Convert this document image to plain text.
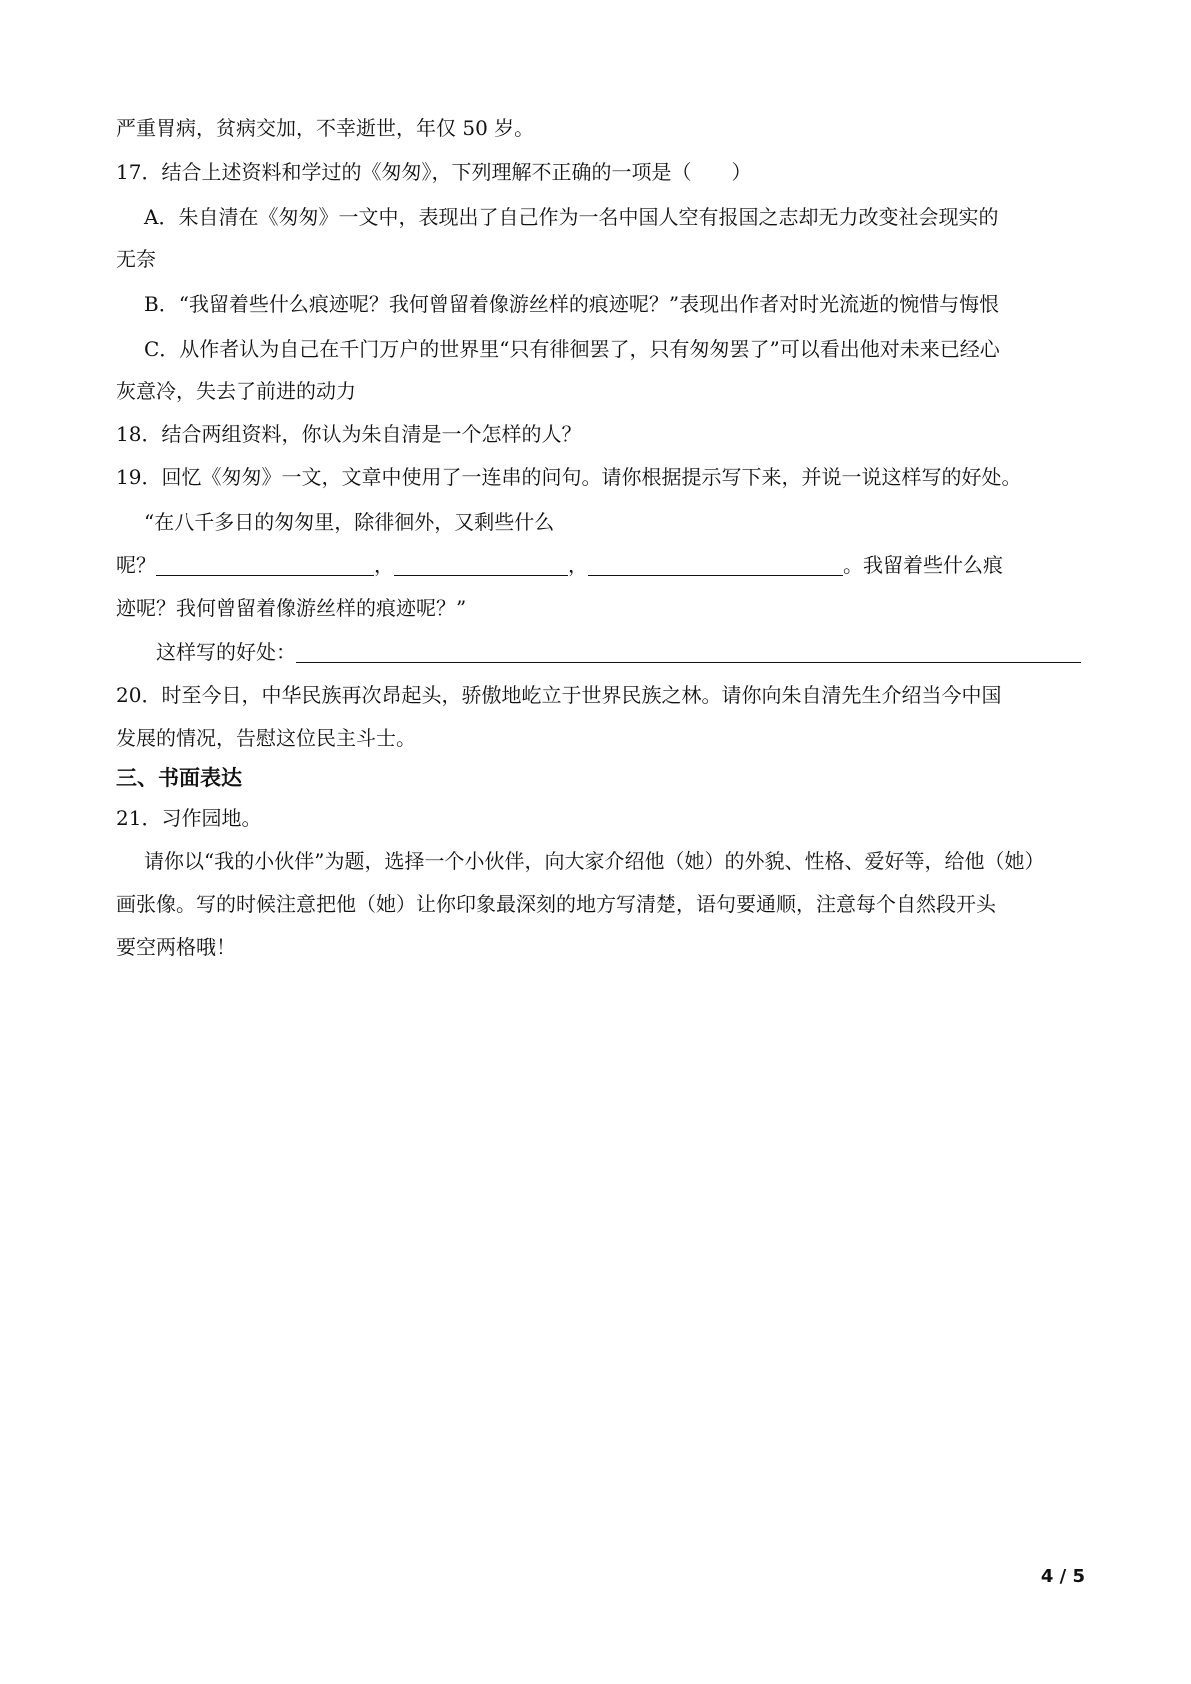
严重胃病，贫病交加，不幸逝世，年仅 50 岁。
17．结合上述资料和学过的《匆匆》，下列理解不正确的一项是（　　）
A．朱自清在《匆匆》一文中，表现出了自己作为一名中国人空有报国之志却无力改变社会现实的
无奈
B．“我留着些什么痕迹呢？我何曾留着像游丝样的痕迹呢？”表现出作者对时光流逝的惋惜与悔恨
C．从作者认为自己在千门万户的世界里“只有徘徊罢了，只有匆匆罢了”可以看出他对未来已经心
灰意冷，失去了前进的动力
18．结合两组资料，你认为朱自清是一个怎样的人？
19．回忆《匆匆》一文，文章中使用了一连串的问句。请你根据提示写下来，并说一说这样写的好处。
“在八千多日的匆匆里，除徘徊外，又剩些什么
呢？	，	，	。我留着些什么痕
迹呢？我何曾留着像游丝样的痕迹呢？”
这样写的好处：
20．时至今日，中华民族再次昂起头，骄傲地屹立于世界民族之林。请你向朱自清先生介绍当今中国
发展的情况，告慰这位民主斗士。
三、书面表达
21．习作园地。
请你以“我的小伙伴”为题，选择一个小伙伴，向大家介绍他（她）的外貌、性格、爱好等，给他（她）
画张像。写的时候注意把他（她）让你印象最深刻的地方写清楚，语句要通顺，注意每个自然段开头
要空两格哦！
4 / 5
